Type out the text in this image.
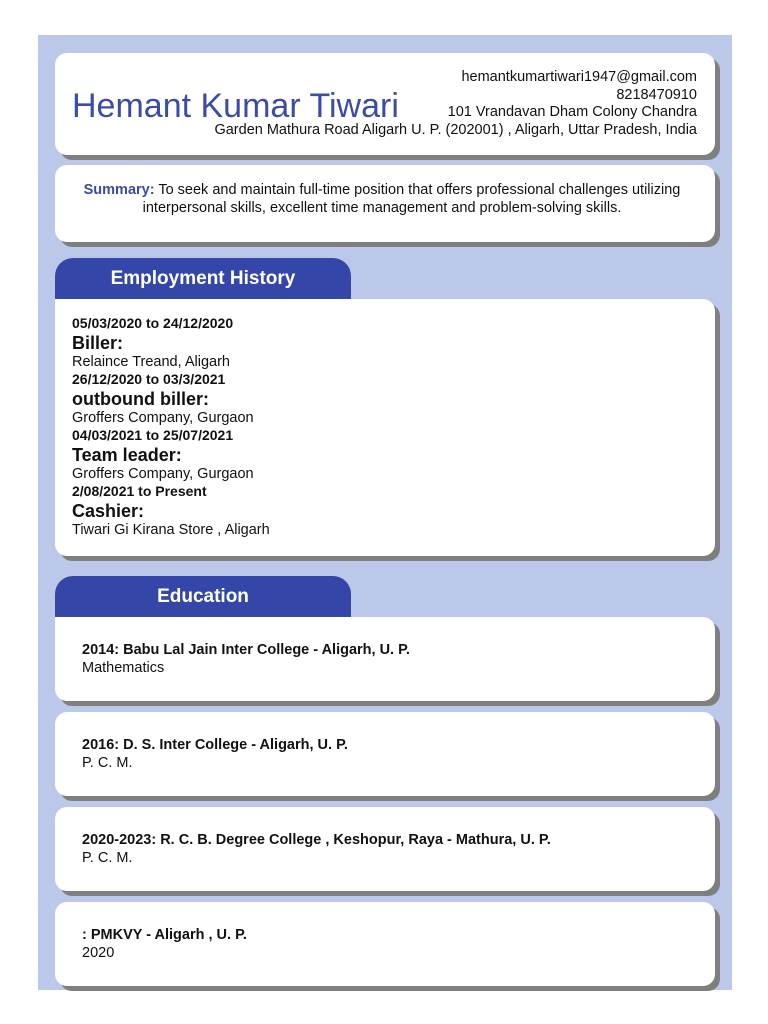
Hemant Kumar Tiwari
hemantkumartiwari1947@gmail.com
8218470910
101 Vrandavan Dham Colony Chandra
Garden Mathura Road Aligarh U. P. (202001) , Aligarh, Uttar Pradesh, India
Summary: To seek and maintain full-time position that offers professional challenges utilizing interpersonal skills, excellent time management and problem-solving skills.
Employment History
05/03/2020 to 24/12/2020
Biller:
Relaince Treand, Aligarh
26/12/2020 to 03/3/2021
outbound biller:
Groffers Company, Gurgaon
04/03/2021 to 25/07/2021
Team leader:
Groffers Company, Gurgaon
2/08/2021 to Present
Cashier:
Tiwari Gi Kirana Store , Aligarh
Education
2014: Babu Lal Jain Inter College - Aligarh, U. P.
Mathematics
2016: D. S. Inter College - Aligarh, U. P.
P. C. M.
2020-2023: R. C. B. Degree College , Keshopur, Raya - Mathura, U. P.
P. C. M.
: PMKVY - Aligarh , U. P.
2020
